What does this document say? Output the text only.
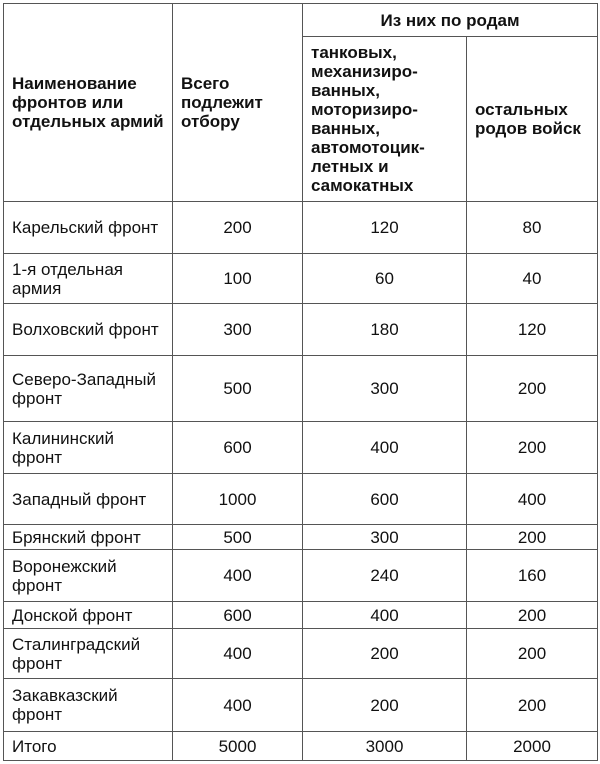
Наименование фронтов или отдельных армий	Всего подлежит отбору	Из них по родам	
		танковых, механизиро-ванных, моторизиро-ванных, автомотоцик-летных и самокатных	остальных родов войск
Карельский фронт	200	120	80
1-я отдельная армия	100	60	40
Волховский фронт	300	180	120
Северо-Западный фронт	500	300	200
Калининский фронт	600	400	200
Западный фронт	1000	600	400
Брянский фронт	500	300	200
Воронежский фронт	400	240	160
Донской фронт	600	400	200
Сталинградский фронт	400	200	200
Закавказский фронт	400	200	200
Итого	5000	3000	2000
